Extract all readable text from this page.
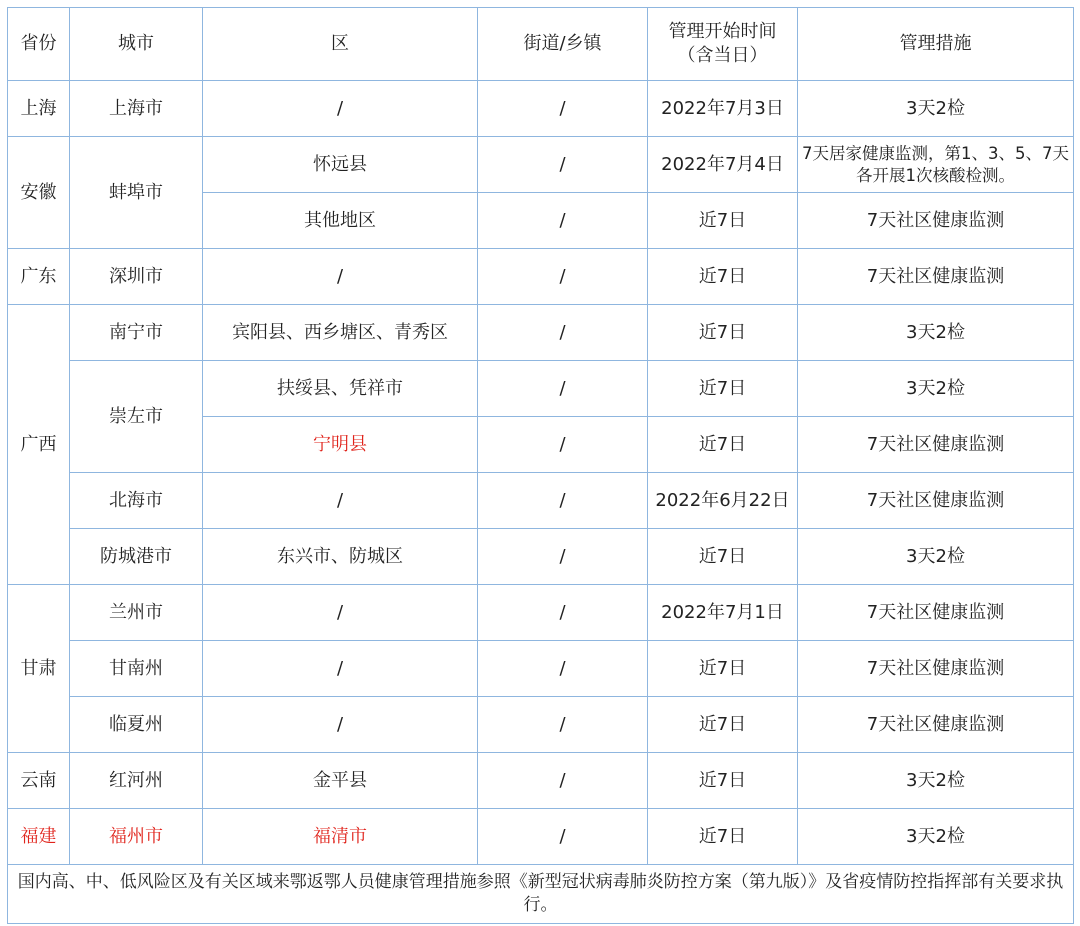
省份	城市	区	街道/乡镇	管理开始时间（含当日）	管理措施
上海	上海市	/	/	2022年7月3日	3天2检
安徽	蚌埠市	怀远县	/	2022年7月4日	7天居家健康监测，第1、3、5、7天各开展1次核酸检测。
		其他地区	/	近7日	7天社区健康监测
广东	深圳市	/	/	近7日	7天社区健康监测
广西	南宁市	宾阳县、西乡塘区、青秀区	/	近7日	3天2检
	崇左市	扶绥县、凭祥市	/	近7日	3天2检
		宁明县	/	近7日	7天社区健康监测
	北海市	/	/	2022年6月22日	7天社区健康监测
	防城港市	东兴市、防城区	/	近7日	3天2检
甘肃	兰州市	/	/	2022年7月1日	7天社区健康监测
	甘南州	/	/	近7日	7天社区健康监测
	临夏州	/	/	近7日	7天社区健康监测
云南	红河州	金平县	/	近7日	3天2检
福建	福州市	福清市	/	近7日	3天2检
国内高、中、低风险区及有关区域来鄂返鄂人员健康管理措施参照《新型冠状病毒肺炎防控方案（第九版）》及省疫情防控指挥部有关要求执行。					
